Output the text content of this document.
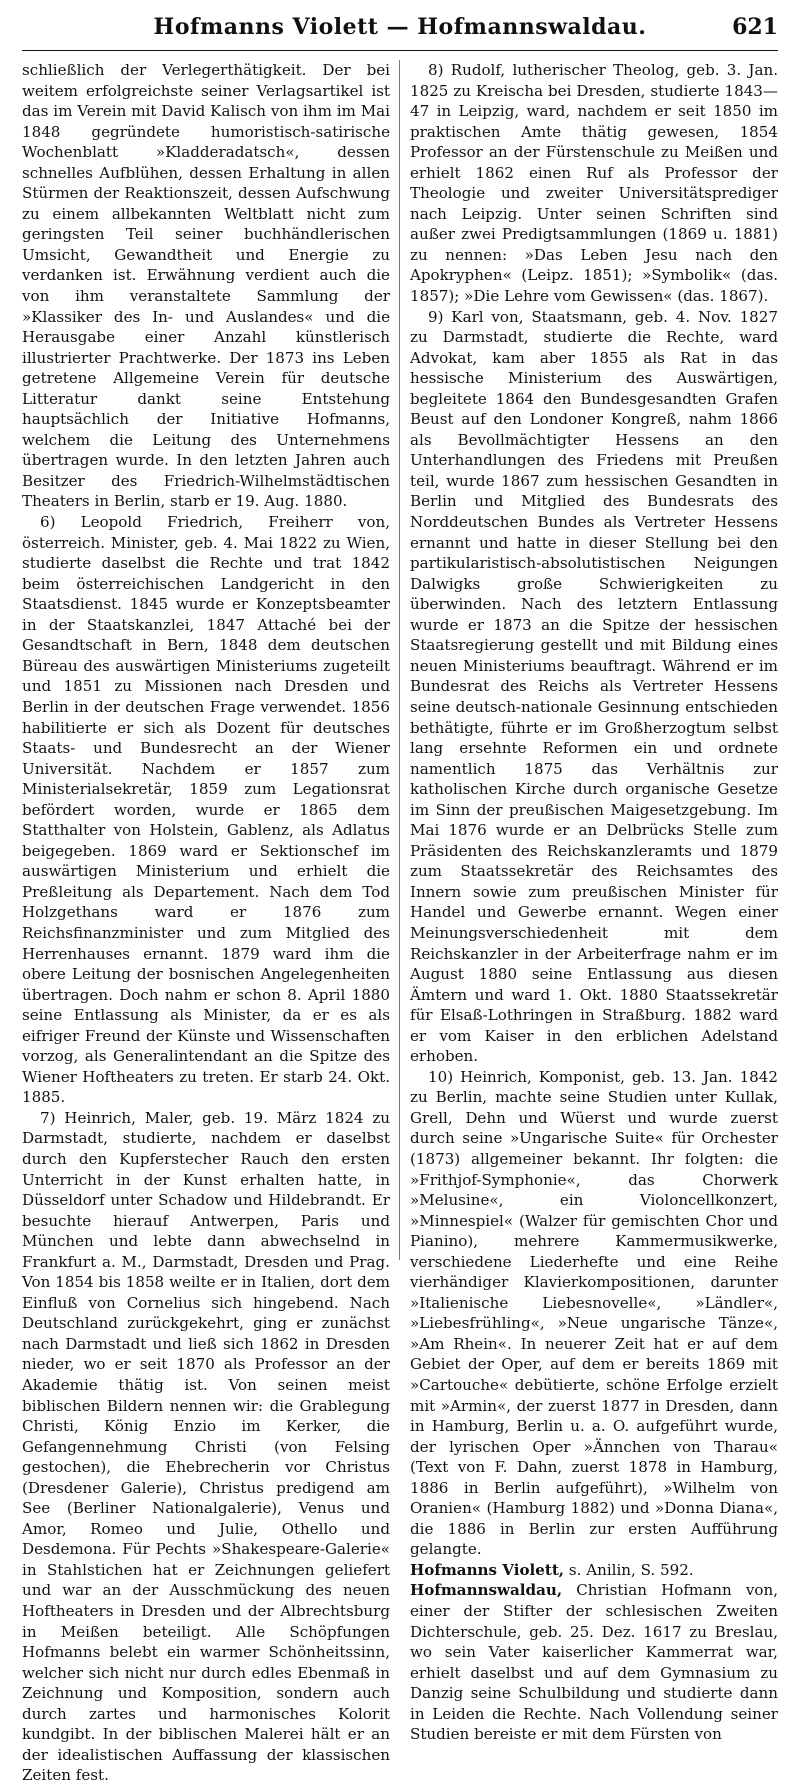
Hofmanns Violett — Hofmannswaldau.	621

schließlich der Verlegerthätigkeit. Der bei weitem erfolgreichste seiner Verlagsartikel ist das im Verein mit David Kalisch von ihm im Mai 1848 gegründete humoristisch-satirische Wochenblatt »Kladderadatsch«, dessen schnelles Aufblühen, dessen Erhaltung in allen Stürmen der Reaktionszeit, dessen Aufschwung zu einem allbekannten Weltblatt nicht zum geringsten Teil seiner buchhändlerischen Umsicht, Gewandtheit und Energie zu verdanken ist. Erwähnung verdient auch die von ihm veranstaltete Sammlung der »Klassiker des In- und Auslandes« und die Herausgabe einer Anzahl künstlerisch illustrierter Prachtwerke. Der 1873 ins Leben getretene Allgemeine Verein für deutsche Litteratur dankt seine Entstehung hauptsächlich der Initiative Hofmanns, welchem die Leitung des Unternehmens übertragen wurde. In den letzten Jahren auch Besitzer des Friedrich-Wilhelmstädtischen Theaters in Berlin, starb er 19. Aug. 1880.

6) Leopold Friedrich, Freiherr von, österreich. Minister, geb. 4. Mai 1822 zu Wien, studierte daselbst die Rechte und trat 1842 beim österreichischen Landgericht in den Staatsdienst. 1845 wurde er Konzeptsbeamter in der Staatskanzlei, 1847 Attaché bei der Gesandtschaft in Bern, 1848 dem deutschen Büreau des auswärtigen Ministeriums zugeteilt und 1851 zu Missionen nach Dresden und Berlin in der deutschen Frage verwendet. 1856 habilitierte er sich als Dozent für deutsches Staats- und Bundesrecht an der Wiener Universität. Nachdem er 1857 zum Ministerialsekretär, 1859 zum Legationsrat befördert worden, wurde er 1865 dem Statthalter von Holstein, Gablenz, als Adlatus beigegeben. 1869 ward er Sektionschef im auswärtigen Ministerium und erhielt die Preßleitung als Departement. Nach dem Tod Holzgethans ward er 1876 zum Reichsfinanzminister und zum Mitglied des Herrenhauses ernannt. 1879 ward ihm die obere Leitung der bosnischen Angelegenheiten übertragen. Doch nahm er schon 8. April 1880 seine Entlassung als Minister, da er es als eifriger Freund der Künste und Wissenschaften vorzog, als Generalintendant an die Spitze des Wiener Hoftheaters zu treten. Er starb 24. Okt. 1885.

7) Heinrich, Maler, geb. 19. März 1824 zu Darmstadt, studierte, nachdem er daselbst durch den Kupferstecher Rauch den ersten Unterricht in der Kunst erhalten hatte, in Düsseldorf unter Schadow und Hildebrandt. Er besuchte hierauf Antwerpen, Paris und München und lebte dann abwechselnd in Frankfurt a. M., Darmstadt, Dresden und Prag. Von 1854 bis 1858 weilte er in Italien, dort dem Einfluß von Cornelius sich hingebend. Nach Deutschland zurückgekehrt, ging er zunächst nach Darmstadt und ließ sich 1862 in Dresden nieder, wo er seit 1870 als Professor an der Akademie thätig ist. Von seinen meist biblischen Bildern nennen wir: die Grablegung Christi, König Enzio im Kerker, die Gefangennehmung Christi (von Felsing gestochen), die Ehebrecherin vor Christus (Dresdener Galerie), Christus predigend am See (Berliner Nationalgalerie), Venus und Amor, Romeo und Julie, Othello und Desdemona. Für Pechts »Shakespeare-Galerie« in Stahlstichen hat er Zeichnungen geliefert und war an der Ausschmückung des neuen Hoftheaters in Dresden und der Albrechtsburg in Meißen beteiligt. Alle Schöpfungen Hofmanns belebt ein warmer Schönheitssinn, welcher sich nicht nur durch edles Ebenmaß in Zeichnung und Komposition, sondern auch durch zartes und harmonisches Kolorit kundgibt. In der biblischen Malerei hält er an der idealistischen Auffassung der klassischen Zeiten fest.

8) Rudolf, lutherischer Theolog, geb. 3. Jan. 1825 zu Kreischa bei Dresden, studierte 1843—47 in Leipzig, ward, nachdem er seit 1850 im praktischen Amte thätig gewesen, 1854 Professor an der Fürstenschule zu Meißen und erhielt 1862 einen Ruf als Professor der Theologie und zweiter Universitätsprediger nach Leipzig. Unter seinen Schriften sind außer zwei Predigtsammlungen (1869 u. 1881) zu nennen: »Das Leben Jesu nach den Apokryphen« (Leipz. 1851); »Symbolik« (das. 1857); »Die Lehre vom Gewissen« (das. 1867).

9) Karl von, Staatsmann, geb. 4. Nov. 1827 zu Darmstadt, studierte die Rechte, ward Advokat, kam aber 1855 als Rat in das hessische Ministerium des Auswärtigen, begleitete 1864 den Bundesgesandten Grafen Beust auf den Londoner Kongreß, nahm 1866 als Bevollmächtigter Hessens an den Unterhandlungen des Friedens mit Preußen teil, wurde 1867 zum hessischen Gesandten in Berlin und Mitglied des Bundesrats des Norddeutschen Bundes als Vertreter Hessens ernannt und hatte in dieser Stellung bei den partikularistisch-absolutistischen Neigungen Dalwigks große Schwierigkeiten zu überwinden. Nach des letztern Entlassung wurde er 1873 an die Spitze der hessischen Staatsregierung gestellt und mit Bildung eines neuen Ministeriums beauftragt. Während er im Bundesrat des Reichs als Vertreter Hessens seine deutsch-nationale Gesinnung entschieden bethätigte, führte er im Großherzogtum selbst lang ersehnte Reformen ein und ordnete namentlich 1875 das Verhältnis zur katholischen Kirche durch organische Gesetze im Sinn der preußischen Maigesetzgebung. Im Mai 1876 wurde er an Delbrücks Stelle zum Präsidenten des Reichskanzleramts und 1879 zum Staatssekretär des Reichsamtes des Innern sowie zum preußischen Minister für Handel und Gewerbe ernannt. Wegen einer Meinungsverschiedenheit mit dem Reichskanzler in der Arbeiterfrage nahm er im August 1880 seine Entlassung aus diesen Ämtern und ward 1. Okt. 1880 Staatssekretär für Elsaß-Lothringen in Straßburg. 1882 ward er vom Kaiser in den erblichen Adelstand erhoben.

10) Heinrich, Komponist, geb. 13. Jan. 1842 zu Berlin, machte seine Studien unter Kullak, Grell, Dehn und Wüerst und wurde zuerst durch seine »Ungarische Suite« für Orchester (1873) allgemeiner bekannt. Ihr folgten: die »Frithjof-Symphonie«, das Chorwerk »Melusine«, ein Violoncellkonzert, »Minnespiel« (Walzer für gemischten Chor und Pianino), mehrere Kammermusikwerke, verschiedene Liederhefte und eine Reihe vierhändiger Klavierkompositionen, darunter »Italienische Liebesnovelle«, »Ländler«, »Liebesfrühling«, »Neue ungarische Tänze«, »Am Rhein«. In neuerer Zeit hat er auf dem Gebiet der Oper, auf dem er bereits 1869 mit »Cartouche« debütierte, schöne Erfolge erzielt mit »Armin«, der zuerst 1877 in Dresden, dann in Hamburg, Berlin u. a. O. aufgeführt wurde, der lyrischen Oper »Ännchen von Tharau« (Text von F. Dahn, zuerst 1878 in Hamburg, 1886 in Berlin aufgeführt), »Wilhelm von Oranien« (Hamburg 1882) und »Donna Diana«, die 1886 in Berlin zur ersten Aufführung gelangte.

Hofmanns Violett, s. Anilin, S. 592.

Hofmannswaldau, Christian Hofmann von, einer der Stifter der schlesischen Zweiten Dichterschule, geb. 25. Dez. 1617 zu Breslau, wo sein Vater kaiserlicher Kammerrat war, erhielt daselbst und auf dem Gymnasium zu Danzig seine Schulbildung und studierte dann in Leiden die Rechte. Nach Vollendung seiner Studien bereiste er mit dem Fürsten von
